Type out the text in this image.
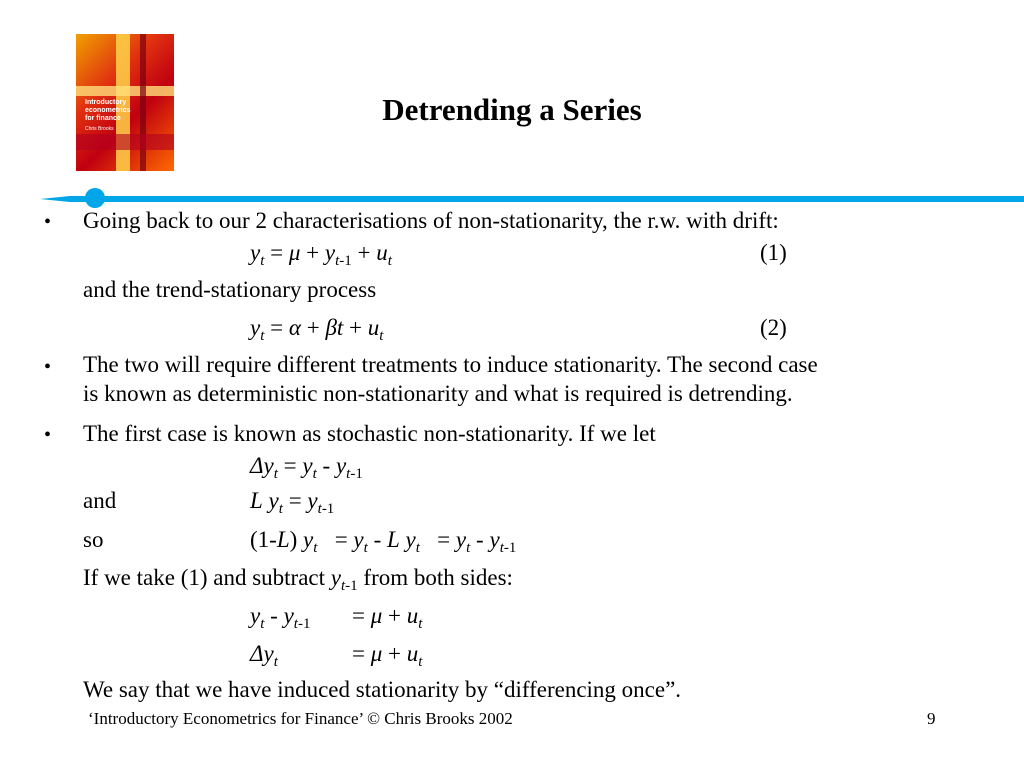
Introductory
econometrics
for finance
Chris Brooks
Detrending a Series
• Going back to our 2 characterisations of non-stationarity, the r.w. with drift:
$y_t = \mu + y_{t-1} + u_t$	(1)
and the trend-stationary process
$y_t = \alpha + \beta t + u_t$	(2)
• The two will require different treatments to induce stationarity. The second case
is known as deterministic non-stationarity and what is required is detrending.
• The first case is known as stochastic non-stationarity. If we let
$\Delta y_t = y_t - y_{t-1}$
and	L $y_t = y_{t-1}$
so	(1-L) $y_t = y_t - L$ $y_t = y_t - y_{t-1}$
If we take (1) and subtract $y_{t-1}$ from both sides:
$y_t - y_{t-1} = \mu + u_t$
$\Delta y_t$	= $\mu + u_t$
We say that we have induced stationarity by “differencing once”.
‘Introductory Econometrics for Finance’ © Chris Brooks 2002	9
